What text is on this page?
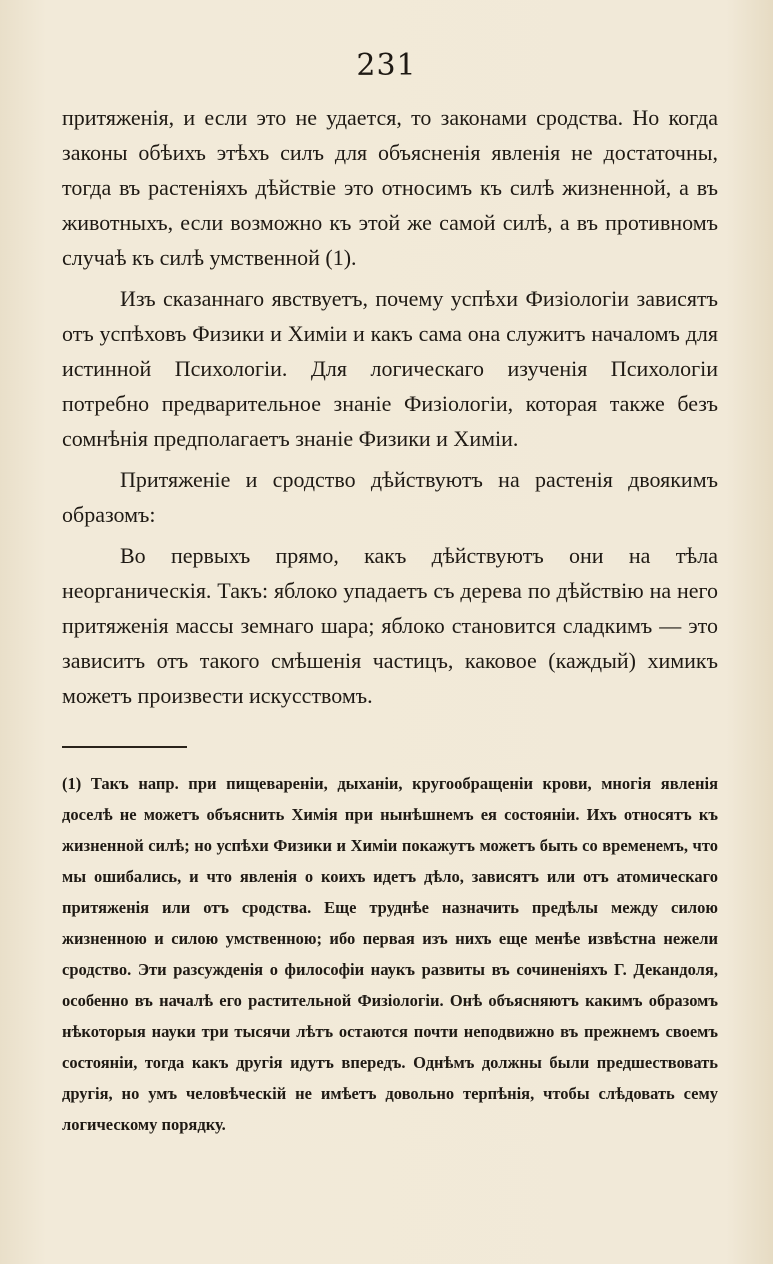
231

притяженія, и если это не удается, то законами сродства. Но когда законы обѣихъ этѣхъ силъ для объясненія явленія не достаточны, тогда въ растеніяхъ дѣйствіе это относимъ къ силѣ жизненной, а въ животныхъ, если возможно къ этой же самой силѣ, а въ противномъ случаѣ къ силѣ умственной (1).

Изъ сказаннаго явствуетъ, почему успѣхи Физіологіи зависятъ отъ успѣховъ Физики и Химіи и какъ сама она служитъ началомъ для истинной Психологіи. Для логическаго изученія Психологіи потребно предварительное знаніе Физіологіи, которая также безъ сомнѣнія предполагаетъ знаніе Физики и Химіи.

Притяженіе и сродство дѣйствуютъ на растенія двоякимъ образомъ:

Во первыхъ прямо, какъ дѣйствуютъ они на тѣла неорганическія. Такъ: яблоко упадаетъ съ дерева по дѣйствію на него притяженія массы земнаго шара; яблоко становится сладкимъ — это зависитъ отъ такого смѣшенія частицъ, каковое (каждый) химикъ можетъ произвести искусствомъ.

(1) Такъ напр. при пищевареніи, дыханіи, кругообращеніи крови, многія явленія доселѣ не можетъ объяснить Химія при нынѣшнемъ ея состояніи. Ихъ относятъ къ жизненной силѣ; но успѣхи Физики и Химіи покажутъ можетъ быть со временемъ, что мы ошибались, и что явленія о коихъ идетъ дѣло, зависятъ или отъ атомическаго притяженія или отъ сродства. Еще труднѣе назначить предѣлы между силою жизненною и силою умственною; ибо первая изъ нихъ еще менѣе извѣстна нежели сродство. Эти разсужденія о философіи наукъ развиты въ сочиненіяхъ Г. Декандоля, особенно въ началѣ его растительной Физіологіи. Онѣ объясняютъ какимъ образомъ нѣкоторыя науки три тысячи лѣтъ остаются почти неподвижно въ прежнемъ своемъ состояніи, тогда какъ другія идутъ впередъ. Однѣмъ должны были предшествовать другія, но умъ человѣческій не имѣетъ довольно терпѣнія, чтобы слѣдовать сему логическому порядку.
